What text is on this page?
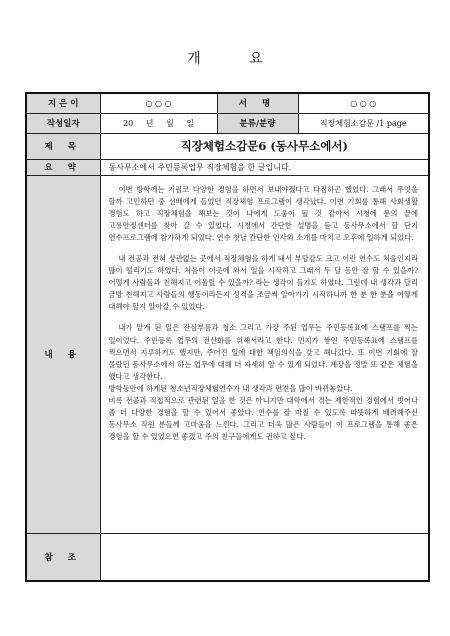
개 요
지 은 이	○ ○ ○	서 명	○ ○ ○
작성일자	20 년 월 일	분류/분량	직장체험소감문 /1 page
제 목	직장체험소감문6 (동사무소에서)		
요 약	동사무소에서 주민등록업무 직장체험을 한 글입니다.		
내 용	이번 방학에는 기필코 다양한 경험을 하면서 보내야겠다고 다짐하곤 했었다. 그래서 무엇을 할까 고민하던 중 선배에게 들었던 직장체험 프로그램이 생각났다. 이번 기회를 통해 사회생활 경험도 하고 직장체험을 해보는 것이 나에게 도움이 될 것 같아서 시청에 문의 끝에 고용안정센터를 찾아 갈 수 있었다. 시청에서 간단한 설명을 듣고 동사무소에서 할 단기 연수프로그램에 참가하게 되었다. 연수 첫날 간단한 인사와 소개를 마치고 오후에 일하게 되었다.

내 전공과 전혀 상관없는 곳에서 직장체험을 하게 돼서 부담감도 크고 이런 연수도 처음인지라 많이 떨리기도 하였다. 처음이 이곳에 와서 일을 시작하고 그래서 두 달 동안 잘 할 수 있을까? 어떻게 사람들과 친해지고 어울릴 수 있을까? 라는 생각이 들기도 하였다. 그런데 내 생각과 달리 금방 친해지고 사람들의 행동이라든지 성격을 조금씩 알아가기 시작하니까 한 분 한 분을 어떻게 대해야 할지 알아갈 수 있었다.

내가 맡게 된 일은 잔심부름과 청소 그리고 가장 주된 업무는 주민등록표에 스탬프를 찍는 일이었다. 주민등록 업무의 전산화를 위해서라고 한다. 먼지가 쌓인 주민등록표에 스탬프를 찍으면서 지루하기도 했지만, 주어진 일에 대한 책임의식을 갖고 해나갔다. 또 이번 기회에 잘 몰랐던 동사무소에서 하는 업무에 대해 더 자세히 알 수 있게 되었다. 계장을 정말 또 같은 체험을 했다고 생각한다.

방학동안에 하게된 청소년직장체험연수가 내 생각과 편견을 많이 바뀌놓았다.

비록 전공과 직접적으로 관련된 일을 한 것은 아니지만 대학에서 겪는 제한적인 경험에서 벗어나 좀 더 다양한 경험을 할 수 있어서 좋았다. 연수를 잘 마칠 수 있도록 따뜻하게 배려해주신 동사무소 직원 분들께 고마움을 느낀다. 그리고 더욱 많은 사람들이 이 프로그램을 통해 좋은 경험을 할 수 있었으면 좋겠고 주의 친구들에게도 권하고 싶다.		

참 조			
